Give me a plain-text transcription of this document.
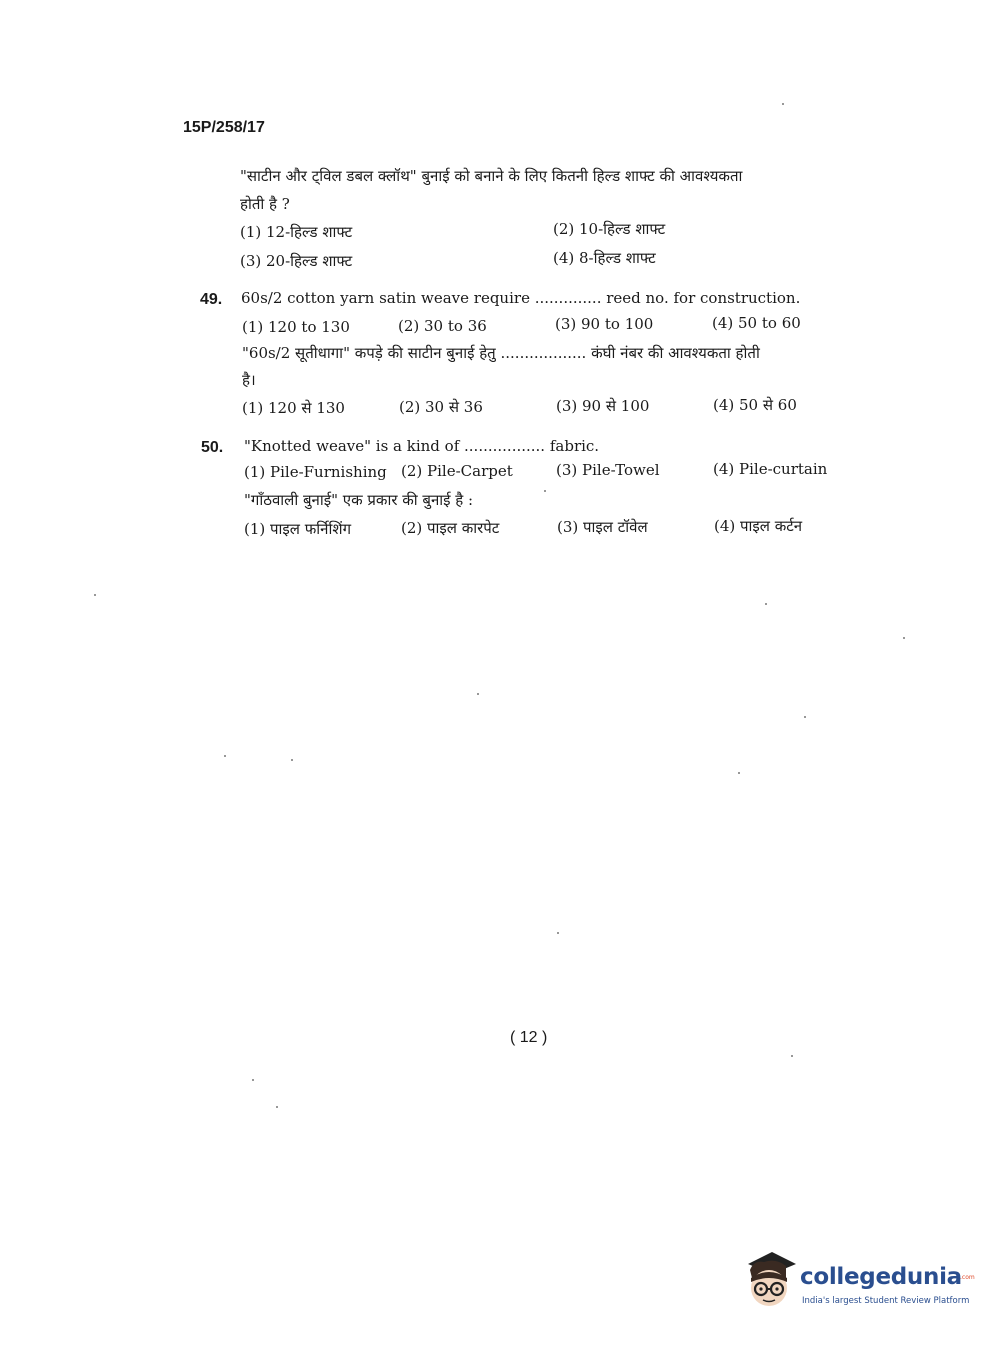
15P/258/17
"साटीन और ट्विल डबल क्लॉथ" बुनाई को बनाने के लिए कितनी हिल्ड शाफ्ट की आवश्यकता
होती है ?
(1) 12-हिल्ड शाफ्ट	(2) 10-हिल्ड शाफ्ट
(3) 20-हिल्ड शाफ्ट	(4) 8-हिल्ड शाफ्ट
49. 60s/2 cotton yarn satin weave require .............. reed no. for construction.
(1) 120 to 130	(2) 30 to 36	(3) 90 to 100	(4) 50 to 60
"60s/2 सूतीधागा" कपड़े की साटीन बुनाई हेतु .................. कंघी नंबर की आवश्यकता होती
है।
(1) 120 से 130	(2) 30 से 36	(3) 90 से 100	(4) 50 से 60
50. "Knotted weave" is a kind of ................. fabric.
(1) Pile-Furnishing (2) Pile-Carpet	(3) Pile-Towel	(4) Pile-curtain
"गाँठवाली बुनाई" एक प्रकार की बुनाई है :
(1) पाइल फर्निशिंग	(2) पाइल कारपेट	(3) पाइल टॉवेल	(4) पाइल कर्टन
( 12 )
collegedunia
.com
India's largest Student Review Platform
